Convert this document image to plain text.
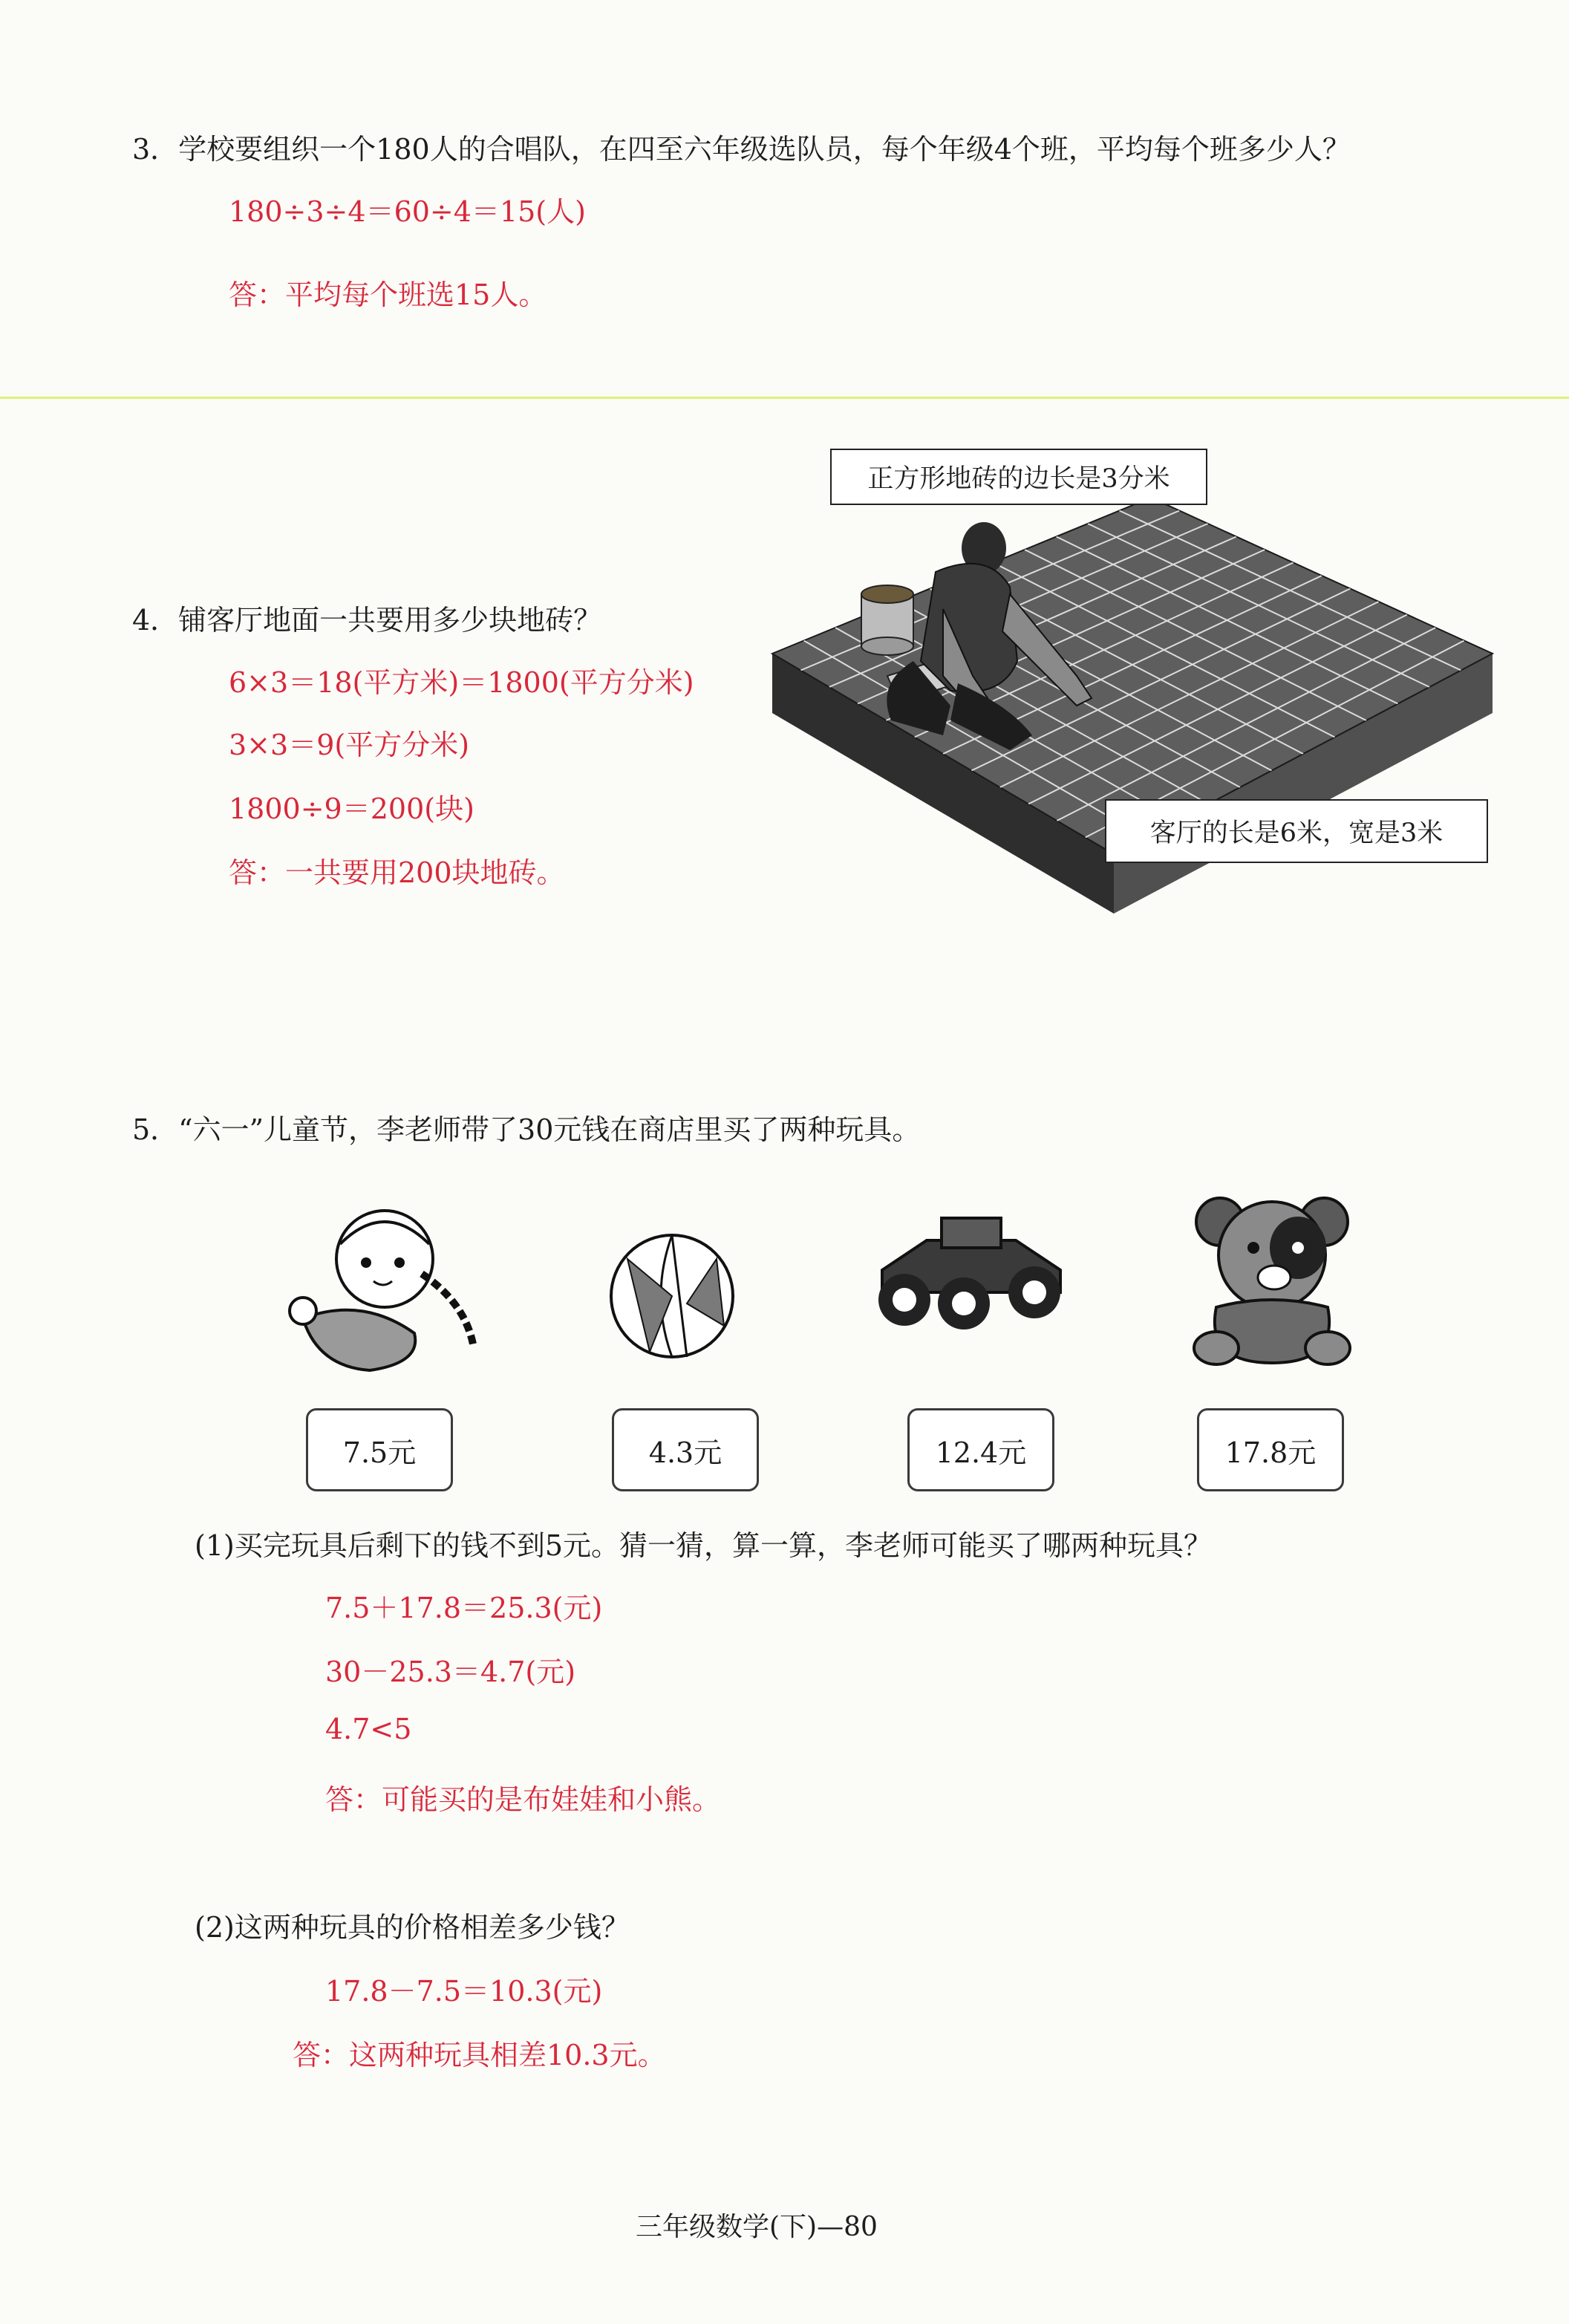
3．学校要组织一个180人的合唱队，在四至六年级选队员，每个年级4个班，平均每个班多少人？
180÷3÷4＝60÷4＝15(人)
答：平均每个班选15人。
4．铺客厅地面一共要用多少块地砖？
6×3＝18(平方米)＝1800(平方分米)
3×3＝9(平方分米)
1800÷9＝200(块)
答：一共要用200块地砖。
正方形地砖的边长是3分米
客厅的长是6米，宽是3米
5．“六一”儿童节，李老师带了30元钱在商店里买了两种玩具。
7.5元	4.3元	12.4元	17.8元
(1)买完玩具后剩下的钱不到5元。猜一猜，算一算，李老师可能买了哪两种玩具？
7.5＋17.8＝25.3(元)
30－25.3＝4.7(元)
4.7<5
答：可能买的是布娃娃和小熊。
(2)这两种玩具的价格相差多少钱？
17.8－7.5＝10.3(元)
答：这两种玩具相差10.3元。
三年级数学(下)—80
